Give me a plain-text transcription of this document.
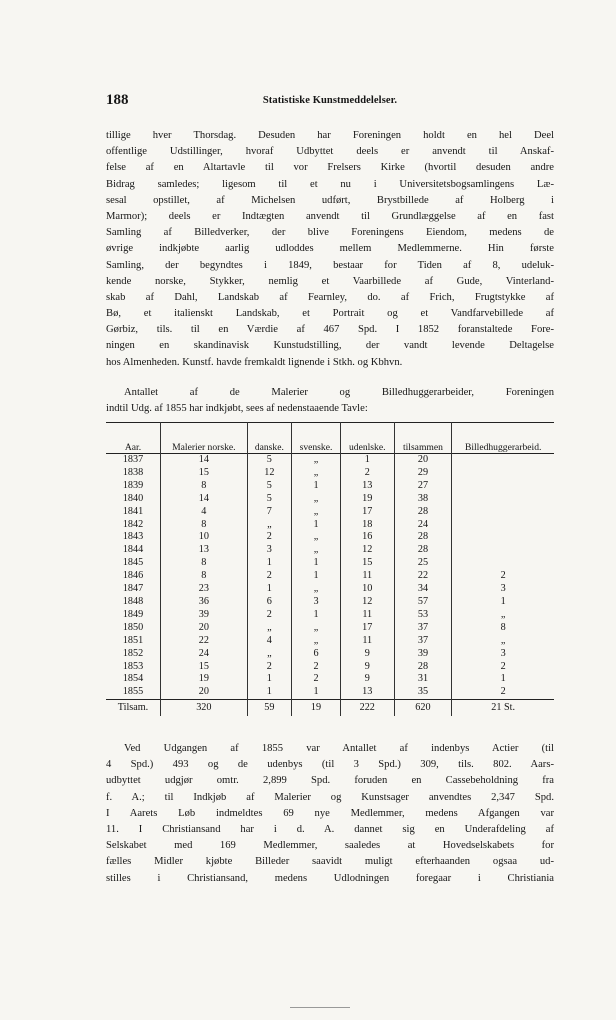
188	Statistiske Kunstmeddelelser.
tillige hver Thorsdag. Desuden har Foreningen holdt en hel Deel
offentlige Udstillinger, hvoraf Udbyttet deels er anvendt til Anskaf-
felse af en Altartavle til vor Frelsers Kirke (hvortil desuden andre
Bidrag samledes; ligesom til et nu i Universitetsbogsamlingens Læ-
sesal opstillet, af Michelsen udført, Brystbillede af Holberg i
Marmor); deels er Indtægten anvendt til Grundlæggelse af en fast
Samling af Billedverker, der blive Foreningens Eiendom, medens de
øvrige indkjøbte aarlig udloddes mellem Medlemmerne. Hin første
Samling, der begyndtes i 1849, bestaar for Tiden af 8, udeluk-
kende norske, Stykker, nemlig et Vaarbillede af Gude, Vinterland-
skab af Dahl, Landskab af Fearnley, do. af Frich, Frugtstykke af
Bø, et italienskt Landskab, et Portrait og et Vandfarvebillede af
Gørbiz, tils. til en Værdie af 467 Spd. I 1852 foranstaltede Fore-
ningen en skandinavisk Kunstudstilling, der vandt levende Deltagelse
hos Almenheden. Kunstf. havde fremkaldt lignende i Stkh. og Kbhvn.
Antallet af de Malerier og Billedhuggerarbeider, Foreningen
indtil Udg. af 1855 har indkjøbt, sees af nedenstaaende Tavle:
Aar.	Malerier norske.	danske.	svenske.	udenlske.	tilsammen	Billedhuggerarbeid.
1837	14	5	„	1	20	
1838	15	12	„	2	29	
1839	8	5	1	13	27	
1840	14	5	„	19	38	
1841	4	7	„	17	28	
1842	8	„	1	18	24	
1843	10	2	„	16	28	
1844	13	3	„	12	28	
1845	8	1	1	15	25	
1846	8	2	1	11	22	2
1847	23	1	„	10	34	3
1848	36	6	3	12	57	1
1849	39	2	1	11	53	„
1850	20	„	„	17	37	8
1851	22	4	„	11	37	„
1852	24	„	6	9	39	3
1853	15	2	2	9	28	2
1854	19	1	2	9	31	1
1855	20	1	1	13	35	2
Tilsam.	320	59	19	222	620	21 St.
Ved Udgangen af 1855 var Antallet af indenbys Actier (til
4 Spd.) 493 og de udenbys (til 3 Spd.) 309, tils. 802. Aars-
udbyttet udgjør omtr. 2,899 Spd. foruden en Cassebeholdning fra
f. A.; til Indkjøb af Malerier og Kunstsager anvendtes 2,347 Spd.
I Aarets Løb indmeldtes 69 nye Medlemmer, medens Afgangen var
11. I Christiansand har i d. A. dannet sig en Underafdeling af
Selskabet med 169 Medlemmer, saaledes at Hovedselskabets for
fælles Midler kjøbte Billeder saavidt muligt efterhaanden ogsaa ud-
stilles i Christiansand, medens Udlodningen foregaar i Christiania
